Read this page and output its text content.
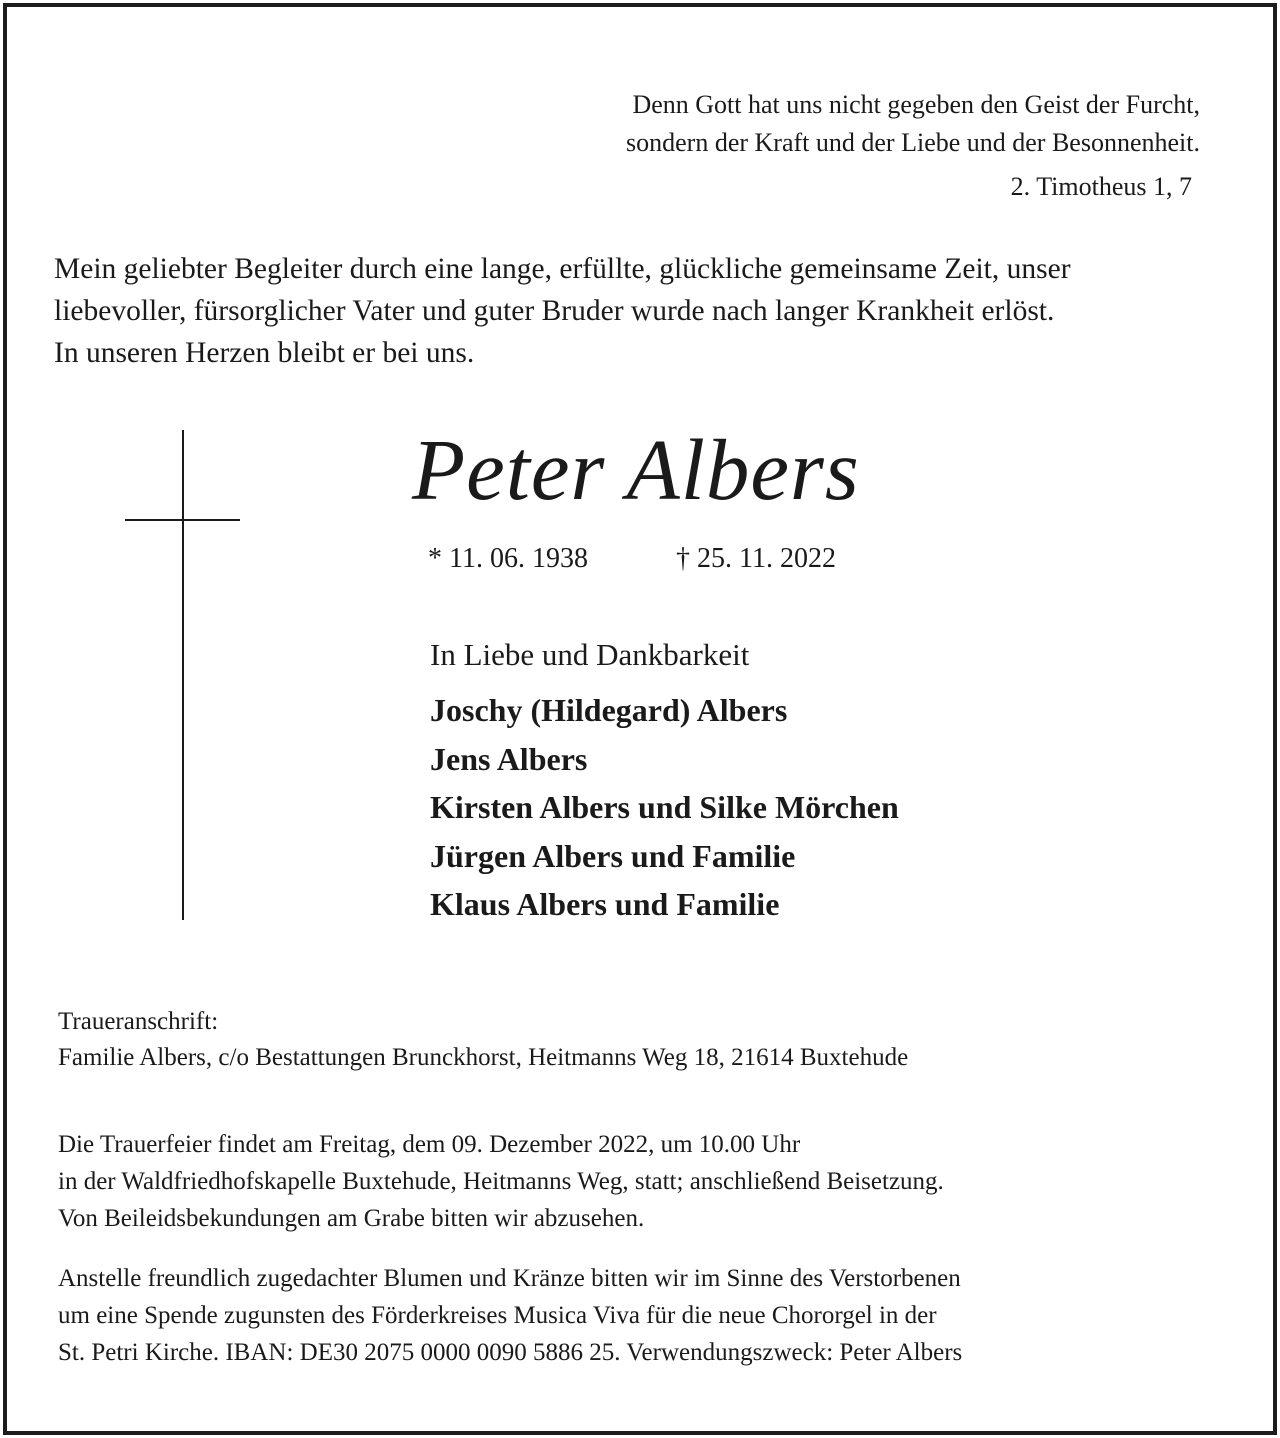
Denn Gott hat uns nicht gegeben den Geist der Furcht,
sondern der Kraft und der Liebe und der Besonnenheit.
2. Timotheus 1, 7
Mein geliebter Begleiter durch eine lange, erfüllte, glückliche gemeinsame Zeit, unser
liebevoller, fürsorglicher Vater und guter Bruder wurde nach langer Krankheit erlöst.
In unseren Herzen bleibt er bei uns.
Peter Albers
* 11. 06. 1938	† 25. 11. 2022
In Liebe und Dankbarkeit
Joschy (Hildegard) Albers
Jens Albers
Kirsten Albers und Silke Mörchen
Jürgen Albers und Familie
Klaus Albers und Familie
Traueranschrift:
Familie Albers, c/o Bestattungen Brunckhorst, Heitmanns Weg 18, 21614 Buxtehude
Die Trauerfeier findet am Freitag, dem 09. Dezember 2022, um 10.00 Uhr
in der Waldfriedhofskapelle Buxtehude, Heitmanns Weg, statt; anschließend Beisetzung.
Von Beileidsbekundungen am Grabe bitten wir abzusehen.
Anstelle freundlich zugedachter Blumen und Kränze bitten wir im Sinne des Verstorbenen
um eine Spende zugunsten des Förderkreises Musica Viva für die neue Chororgel in der
St. Petri Kirche. IBAN: DE30 2075 0000 0090 5886 25. Verwendungszweck: Peter Albers
